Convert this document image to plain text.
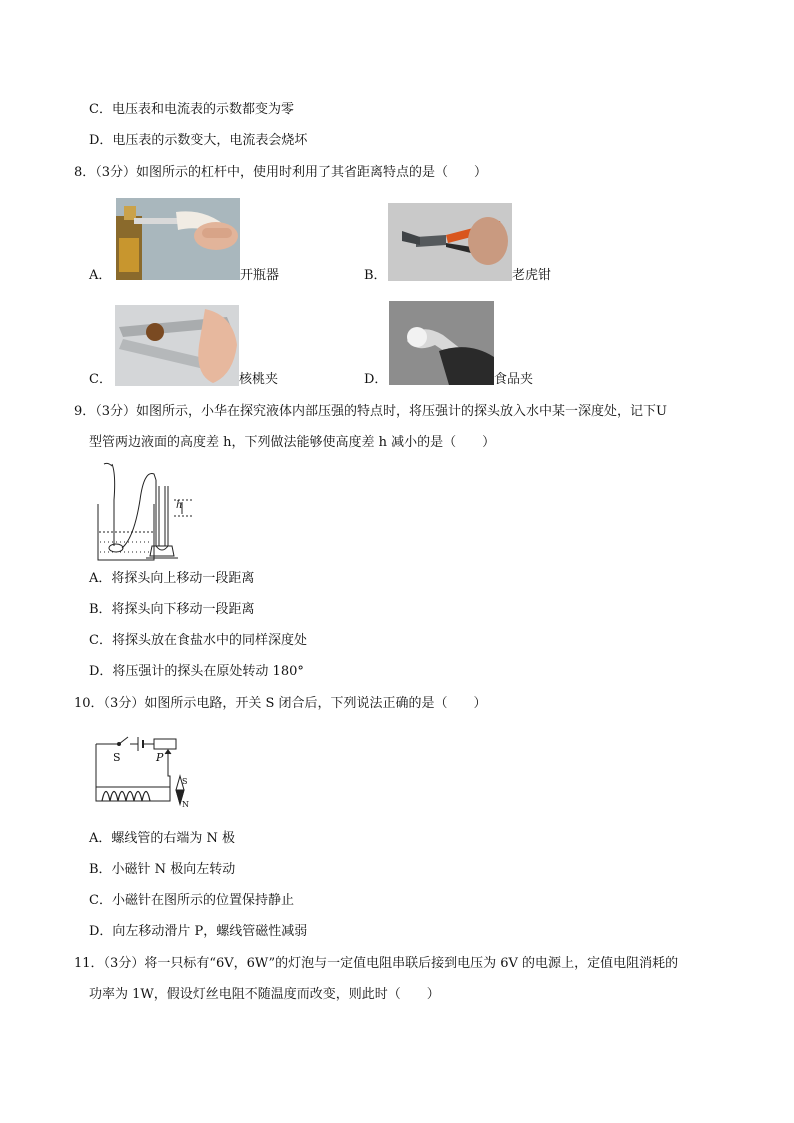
C．电压表和电流表的示数都变为零
D．电压表的示数变大，电流表会烧坏
8．（3分）如图所示的杠杆中，使用时利用了其省距离特点的是（　　）
A．	开瓶器	B．	老虎钳
C．	核桃夹	D．	食品夹
9．（3分）如图所示，小华在探究液体内部压强的特点时，将压强计的探头放入水中某一深度处，记下U
型管两边液面的高度差 h，下列做法能够使高度差 h 减小的是（　　）
h
A．将探头向上移动一段距离
B．将探头向下移动一段距离
C．将探头放在食盐水中的同样深度处
D．将压强计的探头在原处转动 180°
10．（3分）如图所示电路，开关 S 闭合后，下列说法正确的是（　　）
S	P
S
N
A．螺线管的右端为 N 极
B．小磁针 N 极向左转动
C．小磁针在图所示的位置保持静止
D．向左移动滑片 P，螺线管磁性减弱
11．（3分）将一只标有“6V，6W”的灯泡与一定值电阻串联后接到电压为 6V 的电源上，定值电阻消耗的
功率为 1W，假设灯丝电阻不随温度而改变，则此时（　　）
